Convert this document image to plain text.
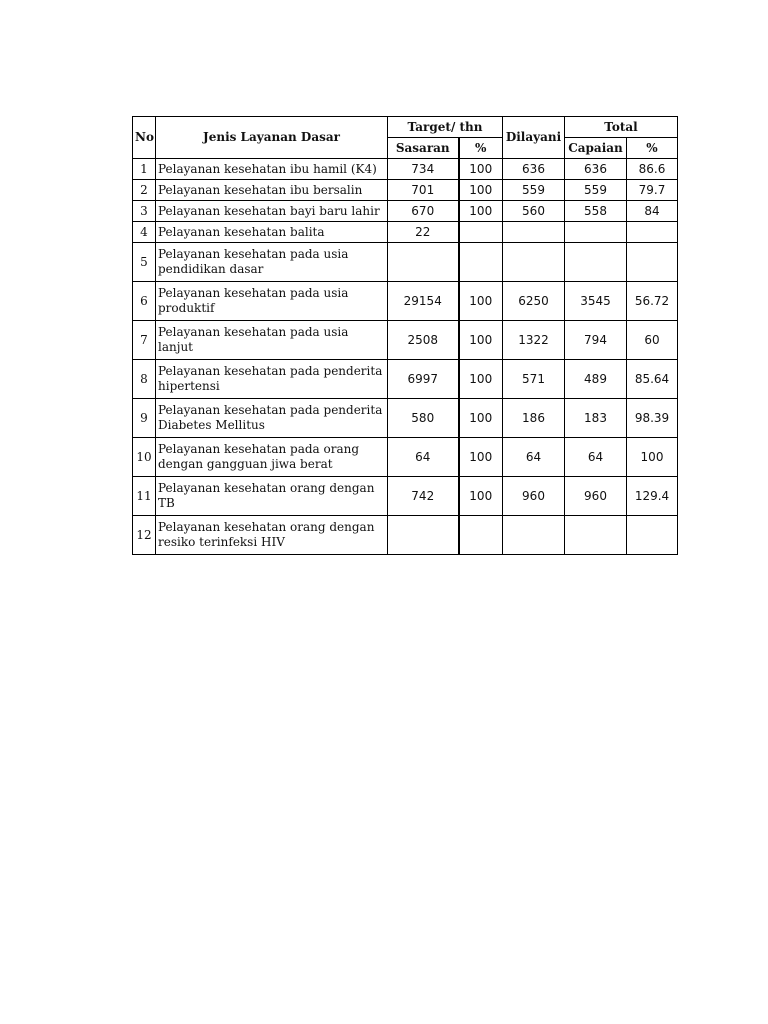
No	Jenis Layanan Dasar	Target/ thn		Dilayani	Total	
		Sasaran	%		Capaian	%
1	Pelayanan kesehatan ibu hamil (K4)	734	100	636	636	86.6
2	Pelayanan kesehatan ibu bersalin	701	100	559	559	79.7
3	Pelayanan kesehatan bayi baru lahir	670	100	560	558	84
4	Pelayanan kesehatan balita	22				
5	Pelayanan kesehatan pada usia pendidikan dasar					
6	Pelayanan kesehatan pada usia produktif	29154	100	6250	3545	56.72
7	Pelayanan kesehatan pada usia lanjut	2508	100	1322	794	60
8	Pelayanan kesehatan pada penderita hipertensi	6997	100	571	489	85.64
9	Pelayanan kesehatan pada penderita Diabetes Mellitus	580	100	186	183	98.39
10	Pelayanan kesehatan pada orang dengan gangguan jiwa berat	64	100	64	64	100
11	Pelayanan kesehatan orang dengan TB	742	100	960	960	129.4
12	Pelayanan kesehatan orang dengan resiko terinfeksi HIV					
